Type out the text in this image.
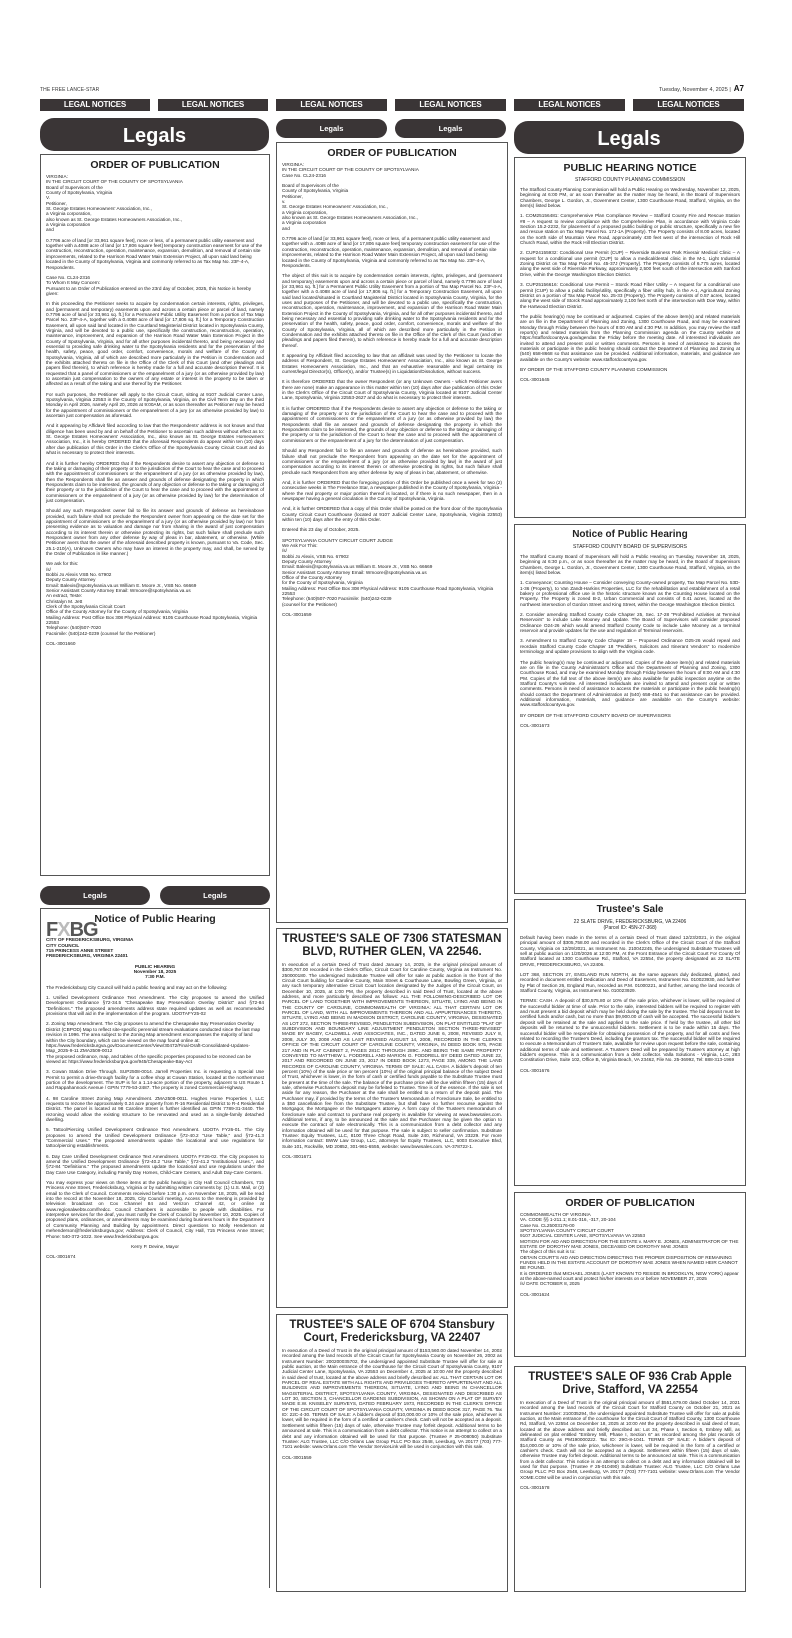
THE FREE LANCE-STAR	Tuesday, November 4, 2025 | A7
LEGAL NOTICES	LEGAL NOTICES	LEGAL NOTICES	LEGAL NOTICES	LEGAL NOTICES	LEGAL NOTICES
Legals
Legals	Legals
Legals	Legals	Legals
ORDER OF PUBLICATION
VIRGINIA:
IN THE CIRCUIT COURT OF THE COUNTY OF SPOTSYLVANIA
Board of Supervisors of the
County of Spotsylvania, Virginia
V.
Petitioner,
St. George Estates Homeowners' Association, Inc.,
a Virginia corporation,
also known as St. George Estates Homeowners Association, Inc.,
a Virginia corporation
and
0.7796 acre of land [or 33,961 square feet], more or less, of a permanent public utility easement and together with a.4088 acre of land [or 17,806 square feet] temporary construction easement for use of the construction, reconstruction, operation, maintenance, expansion, demolition, and removal of certain site improvements, related to the Harrison Road Water Main Extension Project, all upon said land being located in the County of Spotsylvania, Virginia and commonly referred to as Tax Map No. 23F-4-A,
Respondents.
Case No. CL24-2316
To Whom It May Concern:
Pursuant to an Order of Publication entered on the 23rd day of October, 2025, this Notice is hereby given:
In this proceeding the Petitioner seeks to acquire by condemnation certain interests, rights, privileges, and (permanent and temporary) easements upon and across a certain piece or parcel of land, namely 0.7796 acre of land [or 33,961 sq. ft.] for a Permanent Public Utility Easement from a portion of Tax Map Parcel No. 23F-4-A, together with a 0.4088 acre of land [or 17,806 sq. ft.] for a Temporary Construction Easement, all upon said land located in the Courtland Magisterial District located in Spotsylvania County, Virginia, and will be devoted to a public use, specifically the construction, reconstruction, operation, maintenance, improvement, and expansion of the Harrison Road Water Main Extension Project in the County of Spotsylvania, Virginia, and for all other purposes incidental thereto, and being necessary and essential to providing safe drinking water to the Spotsylvania residents and for the preservation of the health, safety, peace, good order, comfort, convenience, morals and welfare of the County of Spotsylvania, Virginia, all of which are described more particularly in the Petition in Condemnation and the exhibits attached thereto on file in the Office of the Clerk of this Court (and other pleadings and papers filed therein), to which reference is hereby made for a full and accurate description thereof. It is requested that a panel of commissioners or the empanelment of a jury (or as otherwise provided by law) to ascertain just compensation to the owners of any estate or interest in the property to be taken or affected as a result of the taking and use thereof by the Petitioner.
For such purposes, the Petitioner will apply to the Circuit Court, sitting at 9107 Judicial Center Lane, Spotsylvania, Virginia 22553 in the County of Spotsylvania, Virginia, on the Civil Term Day on the third Monday in April 2026, namely April 20, 2026 at 9:00AM, or as soon thereafter as Petitioner may be heard for the appointment of commissioners or the empanelment of a jury (or as otherwise provided by law) to ascertain just compensation as aforesaid.
And it appearing by Affidavit filed according to law that the Respondents' address is not known and that diligence has been used by and on behalf of the Petitioner to ascertain such address without effect as to: St. George Estates Homeowners' Association, Inc., also known as St. George Estates Homeowners Association, Inc., it is hereby ORDERED that the aforesaid Respondents do appear within ten (10) days after due publication of this Order in the Clerk's Office of the Spotsylvania County Circuit Court and do what is necessary to protect their interests.
And it is further hereby ORDERED that if the Respondents desire to assert any objection or defense to the taking or damaging of their property or to the jurisdiction of the Court to hear the case and to proceed with the appointment of commissioners or the empanelment of a jury (or as otherwise provided by law), then the Respondents shall file an answer and grounds of defense designating the property in which Respondents claim to be interested, the grounds of any objection or defense to the taking or damaging of their property or to the jurisdiction of the Court to hear the case and to proceed with the appointment of commissioners or the empanelment of a jury (or as otherwise provided by law) for the determination of just compensation.
Should any such Respondent owner fail to file its answer and grounds of defense as hereinabove provided, such failure shall not preclude the Respondent owner from appearing on the date set for the appointment of commissioners or the empanelment of a jury (or as otherwise provided by law) nor from presenting evidence as to valuation and damage nor from sharing in the award of just compensation according to its interest therein or otherwise protecting its rights, but such failure shall preclude such Respondent owner from any other defense by way of pleas in bar, abatement, or otherwise. (While Petitioner avers that the owner of the aforesaid described property is known, pursuant to Va. Code, Sec. 25.1-210(A), Unknown Owners who may have an interest in the property may, and shall, be served by the Order of Publication in like manner.)
We ask for this:
/s/
Bobbi Jo Alexis VSB No. 67902
Deputy County Attorney
Email: Balexis@spotsylvania.va.us William E. Moore Jr., VSB No. 66669
Senior Assistant County Attorney Email: Wmoore@spotsylvania.va.us
An extract, Teste:
Christalyn M. Jett
Clerk of the Spotsylvania Circuit Court
Office of the County Attorney for the County of Spotsylvania, Virginia
Mailing Address: Post Office Box 308 Physical Address: 9105 Courthouse Road Spotsylvania, Virginia 22553
Telephone: (540)507-7020
Facsimile: (540)242-0239 (counsel for the Petitioner)
COL-3001660
Notice of Public Hearing
FXBG
CITY OF FREDERICKSBURG, VIRGINIA
CITY COUNCIL
715 PRINCESS ANNE STREET
FREDERICKSBURG, VIRGINIA 22401
PUBLIC HEARING
November 18, 2025
7:30 P.M.
The Fredericksburg City Council will hold a public hearing and may act on the following:
1. Unified Development Ordinance Text Amendment. The City proposes to amend the Unified Development Ordinance §72-34.5 "Chesapeake Bay Preservation Overlay District" and §72-84 "Definitions." The proposed amendments address state required updates as well as recommended provisions that will aid in the implementation of the program. UDOTAFY25-02
2. Zoning Map Amendment. The City proposes to amend the Chesapeake Bay Preservation Overlay District (CBPOD) Map to reflect site-specific perennial stream evaluations conducted since the last map revision in 1996. The area subject to the Zoning Map amendment encompasses the majority of land within the City boundary, which can be viewed on the map found online at:
https://www.fredericksburgva.gov/DocumentCenter/View/30472/Final-Draft-Consolidated-Updates-Map_2025-9-11 ZMA2509-0012
The proposed ordinance, map, and tables of the specific properties proposed to be rezoned can be viewed at: https://www.fredericksburgva.gov/945/Chesapeake-Bay-Act
3. Cowan Station Drive Through. SUP2508-0014. Jarrell Properties Inc. is requesting a Special Use Permit to permit a drive-through facility for a coffee shop at Cowan Station, located at the northernmost portion of the development. The SUP is for a 1.14-acre portion of the property, adjacent to US Route 1 and Rappahannock Avenue / GPIN 7779-53-2487. The property is zoned Commercial-Highway.
4. 98 Caroline Street Zoning Map Amendment. ZMA2508-0011. Hughes Home Properties I, LLC requests to rezone the approximately 0.24 acre property from R-16 Residential District to R-4 Residential District. The parcel is located at 98 Caroline Street is further identified as GPIN 7789-31-3440. The rezoning would allow the existing structure to be renovated and used as a single-family detached dwelling.
5. Tattoo/Piercing Unified Development Ordinance Text Amendment. UDOTA FY26-01. The City proposes to amend the Unified Development Ordinance §72-40.2 "Use Table," and §72-41.3 "Commercial Uses." The proposed amendments update the locational and use regulations for tattoo/piercing establishments.
6. Day Care Unified Development Ordinance Text Amendment. UDOTA FY26-02. The City proposes to amend the Unified Development Ordinance §72-40.2 "Use Table," §72-41.2 "Institutional Uses.", and §72-84 "Definitions." The proposed amendments update the locational and use regulations under the Day Care Use Category, including Family Day Homes, Child-Care Centers, and Adult Day-Care Centers.
You may express your views on these items at the public hearing in City Hall Council Chambers, 715 Princess Anne Street, Fredericksburg, Virginia or by submitting written comments by: (1) U.S. Mail, or (2) email to the Clerk of Council. Comments received before 1:30 p.m. on November 18, 2025, will be read into the record at the November 18, 2025, City Council meeting. Access to the meeting is provided by television broadcast on Cox Channel 84 and Verizon Channel 42, or online at www.regionalwebtv.com/fredcc. Council Chambers is accessible to people with disabilities. For interpretive services for the deaf, you must notify the Clerk of Council by November 10, 2025. Copies of proposed plans, ordinances, or amendments may be examined during business hours in the Department of Community Planning and Building by appointment. Direct questions to Molly Henderson at mehenderson@fredericksburgva.gov; Address: Clerk of Council, City Hall, 715 Princess Anne Street; Phone: 540-372-1022. See www.fredericksburgva.gov.
Kerry P. Devine, Mayor
COL-3001674
ORDER OF PUBLICATION
VIRGINIA:
IN THE CIRCUIT COURT OF THE COUNTY OF SPOTSYLVANIA
Case No. CL24-2316
Board of Supervisors of the
County of Spotsylvania, Virginia
Petitioner,
v.
St. George Estates Homeowners' Association, Inc.,
a Virginia corporation,
also known as St. George Estates Homeowners Association, Inc.,
a Virginia corporation
and
0.7796 acre of land [or 33,961 square feet], more or less, of a permanent public utility easement and together with a .4088 acre of land [or 17,806 square feet] temporary construction easement for use of the construction, reconstruction, operation, maintenance, expansion, demolition, and removal of certain site improvements, related to the Harrison Road Water Main Extension Project, all upon said land being located in the County of Spotsylvania, Virginia and commonly referred to as Tax Map No. 23F-4-A,
Respondents.
The object of this suit is to acquire by condemnation certain interests, rights, privileges, and (permanent and temporary) easements upon and across a certain piece or parcel of land, namely 0.7796 acre of land [or 33,961 sq. ft.] for a Permanent Public Utility Easement from a portion of Tax Map Parcel No. 23F-4-A, together with a 0.4088 acre of land [or 17,806 sq. ft.] for a Temporary Construction Easement, all upon said land located/situated in Courtland Magisterial District located in Spotsylvania County, Virginia, for the uses and purposes of the Petitioner, and will be devoted to a public use, specifically the construction, reconstruction, operation, maintenance, improvement, and expansion of the Harrison Road Water Main Extension Project in the County of Spotsylvania, Virginia, and for all other purposes incidental thereto, and being necessary and essential to providing safe drinking water to the Spotsylvania residents and for the preservation of the health, safety, peace, good order, comfort, convenience, morals and welfare of the County of Spotsylvania, Virginia, all of which are described more particularly in the Petition in Condemnation and the exhibits attached thereto on file in the Office of the Clerk of this Court (and other pleadings and papers filed therein), to which reference is hereby made for a full and accurate description thereof.
It appearing by Affidavit filed according to law that an affidavit was used by the Petitioner to locate the address of Respondent, St. George Estates Homeowners' Association, Inc., also known as St. George Estates Homeowners Association, Inc., and that an exhaustive reasonable and legal certainty its current/legal Director(s), Officer(s), and/or Trustee(s) in Liquidation/Dissolution, without success.
It is therefore ORDERED that the owner Respondent (or any Unknown Owners - which Petitioner avers there are none) make an appearance in this matter within ten (10) days after due publication of this Order in the Clerk's Office of the Circuit Court of Spotsylvania County, Virginia located at 9107 Judicial Center Lane, Spotsylvania, Virginia 22553-2627 and do what is necessary to protect their interests.
It is further ORDERED that if the Respondents desire to assert any objection or defense to the taking or damaging of the property or to the jurisdiction of the Court to hear the case and to proceed with the appointment of commissioners or the empanelment of a jury (or as otherwise provided by law) the Respondents shall file an answer and grounds of defense designating the property in which the Respondents claim to be interested, the grounds of any objection or defense to the taking or damaging of the property or to the jurisdiction of the Court to hear the case and to proceed with the appointment of commissioners or the empanelment of a jury for the determination of just compensation.
Should any Respondent fail to file an answer and grounds of defense as hereinabove provided, such failure shall not preclude the Respondent from appearing on the date set for the appointment of commissioners or the empanelment of a jury (or as otherwise provided by law) in the award of just compensation according to its interest therein or otherwise protecting its rights, but such failure shall preclude such Respondent from any other defense by way of pleas in bar, abatement, or otherwise.
And, it is further ORDERED that the foregoing portion of this Order be published once a week for two (2) consecutive weeks in The Freelance Star, a newspaper published in the County of Spotsylvania, Virginia - where the real property or major portion thereof is located, or if there is no such newspaper, then in a newspaper having a general circulation in the County of Spotsylvania, Virginia.
And, it is further ORDERED that a copy of this Order shall be posted on the front door of the Spotsylvania County Circuit Court Courthouse (located at 9107 Judicial Center Lane, Spotsylvania, Virginia 22553) within ten (10) days after the entry of this Order.
Entered this 23 day of October, 2025.
SPOTSYLVANIA COUNTY CIRCUIT COURT JUDGE
We Ask For This:
/s/
Bobbi Jo Alexis, VSB No. 67902
Deputy County Attorney
Email: Balexis@spotsylvania.va.us William E. Moore Jr., VSB No. 66669
Senior Assistant County Attorney Email: Wmoore@spotsylvania.va.us
Office of the County Attorney
for the County of Spotsylvania, Virginia
Mailing Address: Post Office Box 308 Physical Address: 9105 Courthouse Road Spotsylvania, Virginia 22553
Telephone: (540)507-7020 Facsimile: (540)242-0239
(counsel for the Petitioner)
COL-3001659
TRUSTEE'S SALE OF 7306 STATESMAN BLVD, RUTHER GLEN, VA 22546.
In execution of a certain Deed of Trust dated January 14, 2025, in the original principal amount of $300,767.00 recorded in the Clerk's Office, Circuit Court for Caroline County, Virginia as Instrument No. 250000180. The undersigned Substitute Trustee will offer for sale at public auction in the front of the Circuit Court building for Caroline County, Main Street & Courthouse Lane, Bowling Green, Virginia, or any such temporary alternative Circuit Court location designated by the Judges of the Circuit Court, on December 10, 2025, at 1:00 PM, the property described in said Deed of Trust, located at the above address, and more particularly described as follows: ALL THE FOLLOWING-DESCRIBED LOT OR PARCEL OF LAND TOGETHER WITH IMPROVEMENTS THEREON, SITUATE, LYING AND BEING IN THE COUNTY OF CAROLINE, COMMONWEALTH OF VIRGINIA: ALL THAT CERTAIN LOT OR PARCEL OF LAND, WITH ALL IMPROVEMENTS THEREON AND ALL APPURTENANCES THERETO, SITUATE, LYING AND BEING IN MADISON DISTRICT, CAROLINE COUNTY, VIRGINIA, DESIGNATED AS LOT 272, SECTION THREE-REVISED, PENDLETON SUBDIVISION, ON PLAT ENTITLED "PLAT OF SUBDIVISION AND BOUNDARY LINE ADJUSTMENT PENDLETON SECTION THREE-REVISED" MADE BY BAGBY, CALDWELL AND ASSOCIATES, INC., DATED JUNE 6, 2008, REVISED JULY 8, 2008, JULY 30, 2008 AND AS LAST REVISED AUGUST 14, 2008, RECORDED IN THE CLERK'S OFFICE OF THE CIRCUIT COURT OF CAROLINE COUNTY, VIRGINIA, IN DEED BOOK 975, PAGE 217 AND IN PLAT CABINET 2, PAGES 281C THROUGH 289C. AND BEING THE SAME PROPERTY CONVEYED TO MATTHEW L. FODDRELL AND MARION G. FODDRELL BY DEED DATED JUNE 22, 2017 AND RECORDED ON JUNE 23, 2017 IN DEED BOOK 1273, PAGE 339, AMONG THE LAND RECORDS OF CAROLINE COUNTY, VIRGINIA. TERMS OF SALE: ALL CASH. A bidder's deposit of ten percent (10%) of the sale price or ten percent (10%) of the original principal balance of the subject Deed of Trust, whichever is lower, in the form of cash or certified funds payable to the Substitute Trustee must be present at the time of the sale. The balance of the purchase price will be due within fifteen (15) days of sale, otherwise Purchaser's deposit may be forfeited to Trustee. Time is of the essence. If the sale is set aside for any reason, the Purchaser at the sale shall be entitled to a return of the deposit paid. The Purchaser may, if provided by the terms of the Trustee's Memorandum of Foreclosure Sale, be entitled to a $50 cancellation fee from the Substitute Trustee, but shall have no further recourse against the Mortgagor, the Mortgagee or the Mortgagee's attorney. A form copy of the Trustee's memorandum of foreclosure sale and contract to purchase real property is available for viewing at www.bwwsales.com. Additional terms, if any, to be announced at the sale and the Purchaser may be given the option to execute the contract of sale electronically. This is a communication from a debt collector and any information obtained will be used for that purpose. The sale is subject to seller confirmation. Substitute Trustee: Equity Trustees, LLC, 8100 Three Chopt Road, Suite 240, Richmond, VA 23229. For more information contact: BWW Law Group, LLC, attorneys for Equity Trustees, LLC, 6003 Executive Blvd, Suite 101, Rockville, MD 20852, 301-961-6555, website: www.bwwsales.com. VA-378722-1.
COL-3001671
TRUSTEE'S SALE OF 6704 Stansbury Court, Fredericksburg, VA 22407
In execution of a Deed of Trust in the original principal amount of $153,560.00 dated November 14, 2002 recorded among the land records of the Circuit Court for Spotsylvania County on November 26, 2002 as Instrument Number: 200200035702, the undersigned appointed Substitute Trustee will offer for sale at public auction, at the Main entrance of the courthouse for the Circuit Court of Spotsylvania County, 9107 Judicial Center Lane, Spotsylvania, VA 22553 on December 4, 2025 at 10:00 AM the property described in said deed of trust, located at the above address and briefly described as: ALL THAT CERTAIN LOT OR PARCEL OF REAL ESTATE WITH ALL RIGHTS AND PRIVILEGES THERETO APPURTENANT AND ALL BUILDINGS AND IMPROVEMENTS THEREON, SITUATE, LYING AND BEING IN CHANCELLOR MAGISTERIAL DISTRICT, SPOTSYLVANIA COUNTY, VIRGINIA, DESIGNATED AND DESCRIBED AS LOT 30, SECTION 3, CHANCELLOR GARDENS SUBDIVISION, AS SHOWN ON A PLAT OF SURVEY MADE E.W. KNISELEY SURVEYS, DATED FEBRUARY 1973, RECORDED IN THE CLERK'S OFFICE OF THE CIRCUIT COURT OF SPOTSYLVANIA COUNTY, VIRGINIA IN DEED BOOK 317, PAGE 76. Tax ID: 22C-4-30. TERMS OF SALE: A bidder's deposit of $10,000.00 or 10% of the sale price, whichever is lower, will be required in the form of a certified or cashier's check. Cash will not be accepted as a deposit. Settlement within fifteen (15) days of sale, otherwise Trustee may forfeit deposit. Additional terms to be announced at sale. This is a communication from a debt collector. This notice is an attempt to collect on a debt and any information obtained will be used for that purpose. (Trustee # 25-008050) Substitute Trustee: ALG Trustee, LLC C/O Orlans Law Group PLLC PO Box 2548, Leesburg, VA 20177 (703) 777-7101 website: www.Orlans.com The Vendor ServiceLink will be used in conjunction with this sale.
COL-3001559
PUBLIC HEARING NOTICE
STAFFORD COUNTY PLANNING COMMISSION
The Stafford County Planning Commission will hold a Public Hearing on Wednesday, November 12, 2025, beginning at 6:00 PM, or as soon thereafter as the matter may be heard, in the Board of Supervisors Chambers, George L. Gordon, Jr., Government Center, 1300 Courthouse Road, Stafford, Virginia, on the item(s) listed below.
1. COM25156481: Comprehensive Plan Compliance Review – Stafford County Fire and Rescue Station #8 – A request to review compliance with the Comprehensive Plan, in accordance with Virginia Code Section 15.2-2232, for placement of a proposed public building or public structure, specifically a new fire and rescue station on Tax Map Parcel No. 17J-1A (Property). The Property consists of 8.00 acres, located on the north side of Mountain View Road, approximately 430 feet west of the intersection of Rock Hill Church Road, within the Rock Hill Election District.
2. CUP24155932: Conditional Use Permit (CUP) – Riverside Business Park Riverair Medical Clinic – A request for a conditional use permit (CUP) to allow a medical/dental clinic in the M-1, Light Industrial Zoning District on Tax Map Parcel No. 45-37J (Property). The Property consists of 6.775 acres, located along the west side of Riverside Parkway, approximately 2,500 feet south of the intersection with Sanford Drive, within the George Washington Election District.
3. CUP25156616: Conditional Use Permit – Storck Road Fiber Utility – A request for a conditional use permit (CUP) to allow a public facility/utility, specifically a fiber utility hub, in the A-1, Agricultural Zoning District on a portion of Tax Map Parcel No. 25-33 (Property). The Property consists of 0.57 acres, located along the west side of Storck Road approximately 2,100 feet north of the intersection with Doe Way, within the Hartwood Election District.
The public hearing(s) may be continued or adjourned. Copies of the above item(s) and related materials are on file in the Department of Planning and Zoning, 1300 Courthouse Road, and may be examined Monday through Friday between the hours of 8:00 AM and 4:30 PM. In addition, you may review the staff report(s) and related materials from the Planning Commission agenda on the County website at https://staffordcountyva.gov/agendas the Friday before the meeting date. All interested individuals are invited to attend and present oral or written comments. Persons in need of assistance to access the materials or participate in the public hearing should contact the Department of Planning and Zoning at (540) 658-8668 so that assistance can be provided. Additional information, materials, and guidance are available on the County's website: www.staffordcountyva.gov.
BY ORDER OF THE STAFFORD COUNTY PLANNING COMMISSION
COL-3001645
Notice of Public Hearing
STAFFORD COUNTY BOARD OF SUPERVISORS
The Stafford County Board of Supervisors will hold a Public Hearing on Tuesday, November 18, 2025, beginning at 6:30 p.m., or as soon thereafter as the matter may be heard, in the Board of Supervisors Chambers, George L. Gordon, Jr., Government Center, 1300 Courthouse Road, Stafford, Virginia, on the item(s) listed below.
1. Conveyance; Counting House – Consider conveying County-owned property, Tax Map Parcel No. 53D-1-36 (Property), to Van Zandt-Harkins Properties, LLC for the rehabilitation and establishment of a retail bakery or professional office use in the historic structure known as the Counting House located on the Property. The Property is zoned B-2, Urban Commercial and consists of 0.41 acres, located at the northwest intersection of Gordon Street and King Street, within the George Washington Election District.
2. Consider amending Stafford County Code Chapter 25, Sec. 17-28 "Prohibited Activities at Terminal Reservoirs" to include Lake Mooney and Update. The Board of Supervisors will consider proposed Ordinance O24-26 which would amend Stafford County Code to include Lake Mooney as a terminal reservoir and provide updates for the use and regulation of Terminal reservoirs.
3. Amendment to Stafford County Code Chapter 18 – Proposed Ordinance O25-26 would repeal and reordain Stafford County Code Chapter 18 "Peddlers, Solicitors and Itinerant Vendors" to modernize terminology and update provisions to align with the Virginia code.
The public hearing(s) may be continued or adjourned. Copies of the above item(s) and related materials are on file in the County Administrator's Office and the Department of Planning and Zoning, 1300 Courthouse Road, and may be examined Monday through Friday between the hours of 8:00 AM and 4:30 PM. Copies of the full text of the above item(s) are also available for public inspection anytime on the Stafford County's website. All interested individuals are invited to attend and present oral or written comments. Persons in need of assistance to access the materials or participate in the public hearing(s) should contact the Department of Administration at (540) 658-4541 so that assistance can be provided. Additional information, materials, and guidance are available on the County's website: www.staffordcountyva.gov.
BY ORDER OF THE STAFFORD COUNTY BOARD OF SUPERVISORS
COL-3001673
Trustee's Sale
22 SLATE DRIVE, FREDERICKSBURG, VA 22406
(Parcel ID: 45N-27-368)
Default having been made in the terms of a certain Deed of Trust dated 12/23/2021, in the original principal amount of $305,758.00 and recorded in the Clerk's Office of the Circuit Court of the Stafford County, Virginia on 12/29/2021, as Instrument No. 210042245, the undersigned Substitute Trustees will sell at public auction on 1/20/2026 at 12:00 PM, At the Front Entrance of the Circuit Court For County Of Stafford located at 1300 Courthouse Rd., Stafford, VA 22554, the property designated as 22 SLATE DRIVE, FREDERICKSBURG, VA 22406.
LOT 368, SECTION 27, ENGLAND RUN NORTH, as the same appears duly dedicated, platted, and recorded in document entitled Dedication and Deed of Easement, Instrument No. 010023930, and further by Plat of Section 26, England Run, recorded as P.M. 01000221, and further, among the land records of Stafford County, Virginia, as Instrument No. 010023929.
TERMS: CASH. A deposit of $30,575.80 or 10% of the sale price, whichever is lower, will be required of the successful bidder at time of sale. Prior to the sale, interested bidders will be required to register with and must present a bid deposit which may be held during the sale by the trustee. The bid deposit must be certified funds and/or cash, but no more than $9,900.00 of cash will be accepted. The successful bidder's deposit will be retained at the sale and applied to the sale price. If held by the trustee, all other bid deposits will be returned to the unsuccessful bidders. Settlement is to be made within 15 days. The successful bidder will be responsible for obtaining possession of the property, and for all costs and fees related to recording the Trustee's Deed, including the grantors tax. The successful bidder will be required to execute a Memorandum of Trustee's Sale, available for review upon request before the sale, containing additional terms of sale and settlement. A Trustee's Deed will be prepared by Trustee's attorney at high bidder's expense. This is a communication from a debt collector. Valla Solutions - Virginia, LLC, 283 Constitution Drive, Suite 102, Office B, Virginia Beach, VA 23462, File No. 25-36992, Tel: 888-313-1969
COL-3001676
ORDER OF PUBLICATION
COMMONWEALTH OF VIRGINIA
VA. CODE §§ 1-211.1; 8.01-316, -317, 20-104
Case No. CL25003176-00
SPOTSYLVANIA COUNTY CIRCUIT COURT
9107 JUDICIAL CENTER LANE, SPOTSYLVANIA VA 22553
MOTION FOR AID AND DIRECTION FOR THE ESTATE v. MARY E. JONES, ADMINISTRATOR OF THE ESTATE OF DOROTHY MAE JONES, DECEASED OR DOROTHY MAE JONES
The object of this suit is to:
OBTAIN COURT'S AID AND DIRECTION DIRECTING THE PROPER DISPOSITION OF REMAINING FUNDS HELD IN THE ESTATE ACCOUNT OF DOROTHY MAE JONES WHEN NAMED HEIR CANNOT BE FOUND.
It is ORDERED that MICHAEL JONES (LAST KNOWN TO RESIDE IN BROOKLYN, NEW YORK) appear at the above-named court and protect his/her interests on or before NOVEMBER 27, 2025
/s/ DATE OCTOBER 8, 2025
COL-3001624
TRUSTEE'S SALE OF 936 Crab Apple Drive, Stafford, VA 22554
In execution of a Deed of Trust in the original principal amount of $551,679.00 dated October 14, 2021 recorded among the land records of the Circuit Court for Stafford County on October 21, 2021 as Instrument Number: 210035294, the undersigned appointed Substitute Trustee will offer for sale at public auction, at the Main entrance of the courthouse for the Circuit Court of Stafford County, 1300 Courthouse Rd, Stafford, VA 22554 on December 18, 2025 at 10:00 AM the property described in said deed of trust, located at the above address and briefly described as: Lot 34, Phase I, Section 6, Embrey Mill, as delineated on plat entitled "Embrey Mill, Phase I, Section 6" as recorded among the plat records of Stafford County as PM190000222. Tax ID: 29G-8-1041. TERMS OF SALE: A bidder's deposit of $14,000.00 or 10% of the sale price, whichever is lower, will be required in the form of a certified or cashier's check. Cash will not be accepted as a deposit. Settlement within fifteen (15) days of sale, otherwise Trustee may forfeit deposit. Additional terms to be announced at sale. This is a communication from a debt collector. This notice is an attempt to collect on a debt and any information obtained will be used for that purpose. (Trustee # 25-010490) Substitute Trustee: ALG Trustee, LLC C/O Orlans Law Group PLLC PO Box 2548, Leesburg, VA 20177 (703) 777-7101 website: www.Orlans.com The Vendor XOME.COM will be used in conjunction with this sale.
COL-3001578
